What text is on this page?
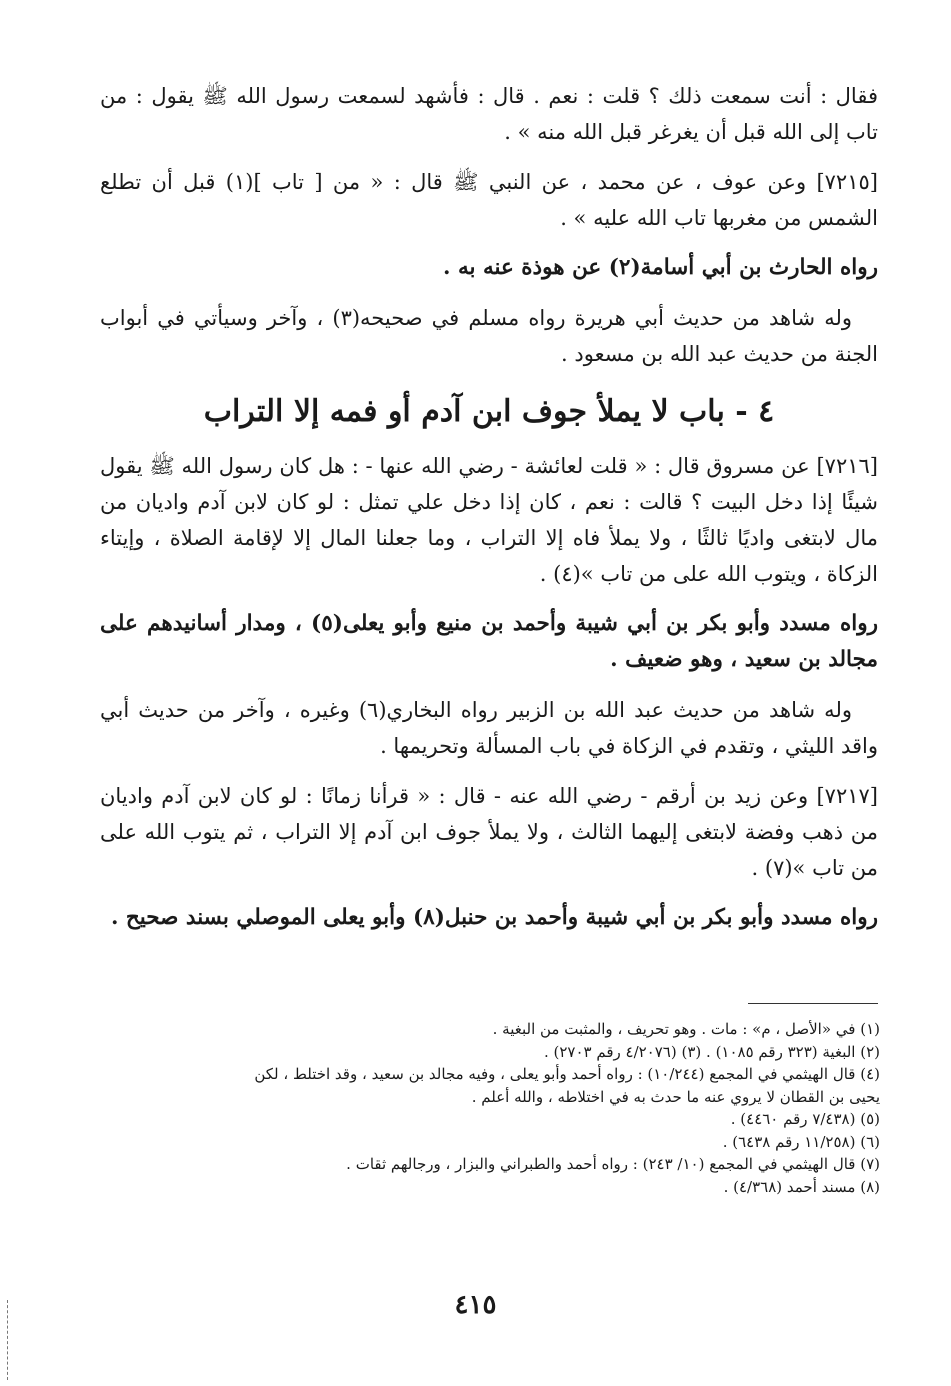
فقال : أنت سمعت ذلك ؟ قلت : نعم . قال : فأشهد لسمعت رسول الله ﷺ يقول : من تاب إلى الله قبل أن يغرغر قبل الله منه » .

[٧٢١٥] وعن عوف ، عن محمد ، عن النبي ﷺ قال : « من [ تاب ](١) قبل أن تطلع الشمس من مغربها تاب الله عليه » .

رواه الحارث بن أبي أسامة(٢) عن هوذة عنه به .

وله شاهد من حديث أبي هريرة رواه مسلم في صحيحه(٣) ، وآخر وسيأتي في أبواب الجنة من حديث عبد الله بن مسعود .

٤ - باب لا يملأ جوف ابن آدم أو فمه إلا التراب

[٧٢١٦] عن مسروق قال : « قلت لعائشة - رضي الله عنها - : هل كان رسول الله ﷺ يقول شيئًا إذا دخل البيت ؟ قالت : نعم ، كان إذا دخل علي تمثل : لو كان لابن آدم واديان من مال لابتغى واديًا ثالثًا ، ولا يملأ فاه إلا التراب ، وما جعلنا المال إلا لإقامة الصلاة ، وإيتاء الزكاة ، ويتوب الله على من تاب »(٤) .

رواه مسدد وأبو بكر بن أبي شيبة وأحمد بن منيع وأبو يعلى(٥) ، ومدار أسانيدهم على مجالد بن سعيد ، وهو ضعيف .

وله شاهد من حديث عبد الله بن الزبير رواه البخاري(٦) وغيره ، وآخر من حديث أبي واقد الليثي ، وتقدم في الزكاة في باب المسألة وتحريمها .

[٧٢١٧] وعن زيد بن أرقم - رضي الله عنه - قال : « قرأنا زمانًا : لو كان لابن آدم واديان من ذهب وفضة لابتغى إليهما الثالث ، ولا يملأ جوف ابن آدم إلا التراب ، ثم يتوب الله على من تاب »(٧) .

رواه مسدد وأبو بكر بن أبي شيبة وأحمد بن حنبل(٨) وأبو يعلى الموصلي بسند صحيح .

(١) في «الأصل ، م» : مات . وهو تحريف ، والمثبت من البغية .
(٢) البغية (٣٢٣ رقم ١٠٨٥) . (٣) (٤/٢٠٧٦ رقم ٢٧٠٣) .
(٤) قال الهيثمي في المجمع (١٠/٢٤٤) : رواه أحمد وأبو يعلى ، وفيه مجالد بن سعيد ، وقد اختلط ، لكن
يحيى بن القطان لا يروي عنه ما حدث به في اختلاطه ، والله أعلم .
(٥) (٧/٤٣٨ رقم ٤٤٦٠) .
(٦) (١١/٢٥٨ رقم ٦٤٣٨) .
(٧) قال الهيثمي في المجمع (١٠/ ٢٤٣) : رواه أحمد والطبراني والبزار ، ورجالهم ثقات .
(٨) مسند أحمد (٤/٣٦٨) .
٤١٥
